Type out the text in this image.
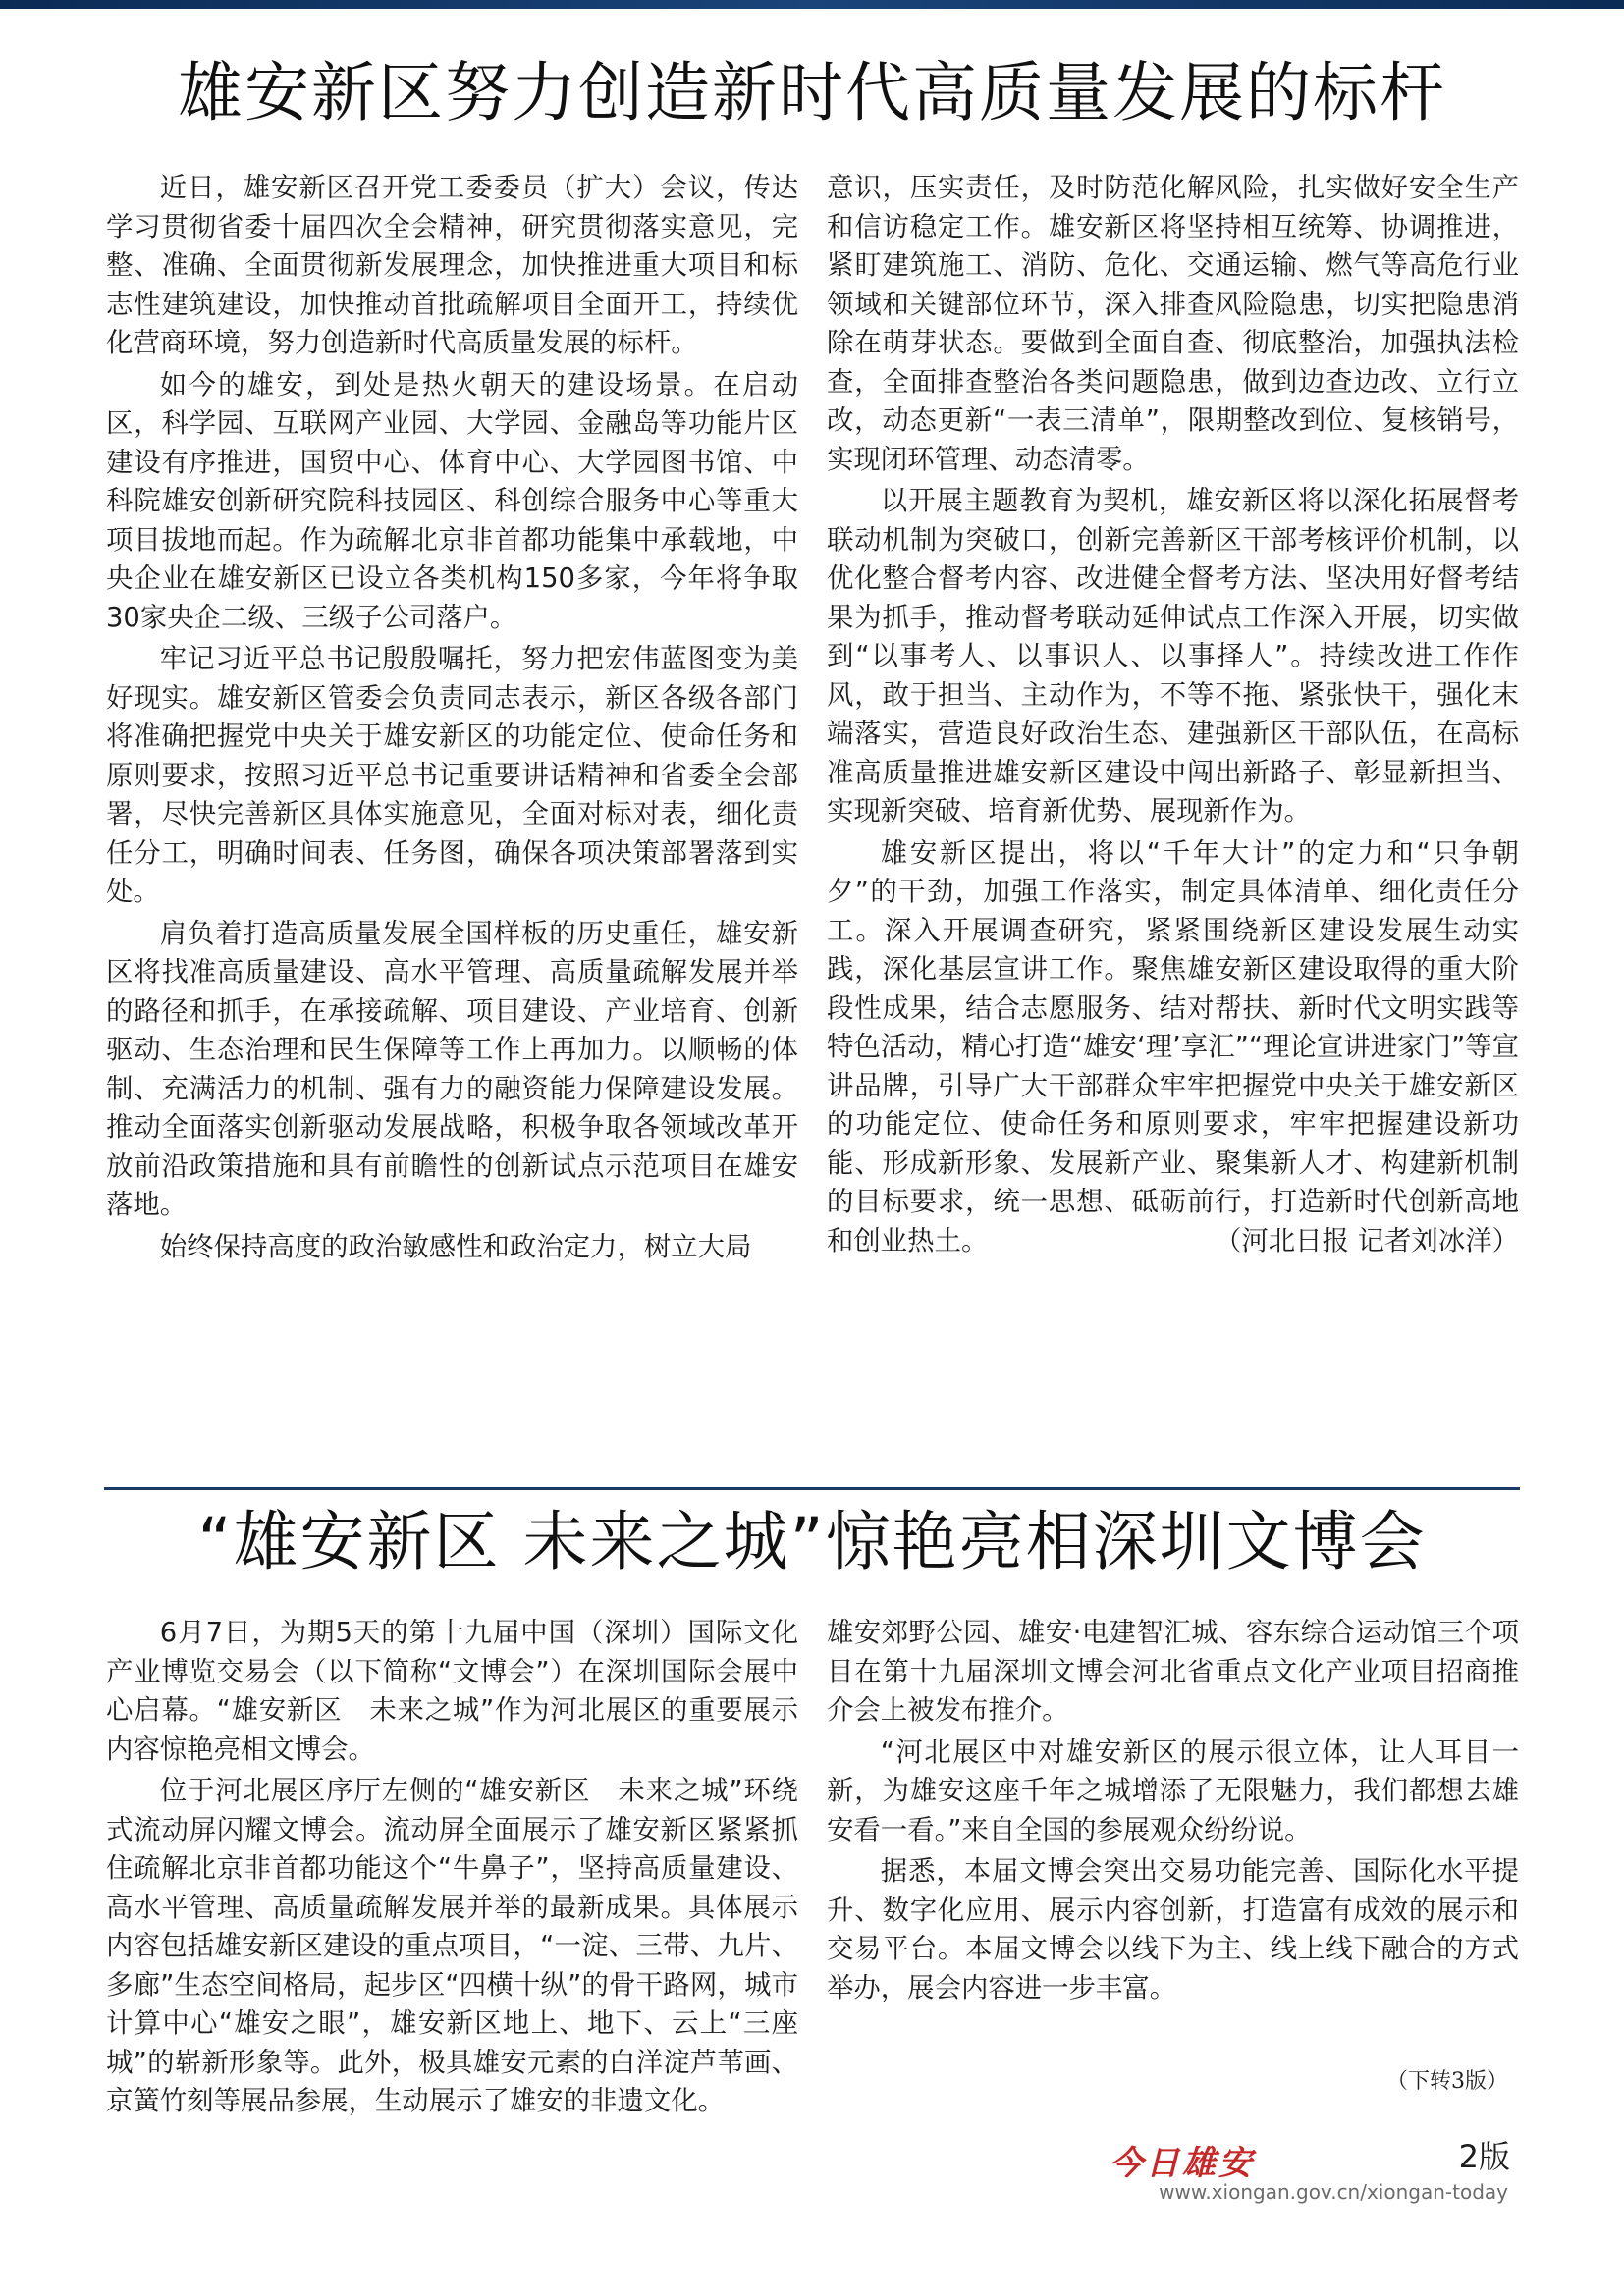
雄安新区努力创造新时代高质量发展的标杆

近日，雄安新区召开党工委委员（扩大）会议，传达学习贯彻省委十届四次全会精神，研究贯彻落实意见，完整、准确、全面贯彻新发展理念，加快推进重大项目和标志性建筑建设，加快推动首批疏解项目全面开工，持续优化营商环境，努力创造新时代高质量发展的标杆。

如今的雄安，到处是热火朝天的建设场景。在启动区，科学园、互联网产业园、大学园、金融岛等功能片区建设有序推进，国贸中心、体育中心、大学园图书馆、中科院雄安创新研究院科技园区、科创综合服务中心等重大项目拔地而起。作为疏解北京非首都功能集中承载地，中央企业在雄安新区已设立各类机构150多家，今年将争取30家央企二级、三级子公司落户。

牢记习近平总书记殷殷嘱托，努力把宏伟蓝图变为美好现实。雄安新区管委会负责同志表示，新区各级各部门将准确把握党中央关于雄安新区的功能定位、使命任务和原则要求，按照习近平总书记重要讲话精神和省委全会部署，尽快完善新区具体实施意见，全面对标对表，细化责任分工，明确时间表、任务图，确保各项决策部署落到实处。

肩负着打造高质量发展全国样板的历史重任，雄安新区将找准高质量建设、高水平管理、高质量疏解发展并举的路径和抓手，在承接疏解、项目建设、产业培育、创新驱动、生态治理和民生保障等工作上再加力。以顺畅的体制、充满活力的机制、强有力的融资能力保障建设发展。推动全面落实创新驱动发展战略，积极争取各领域改革开放前沿政策措施和具有前瞻性的创新试点示范项目在雄安落地。

始终保持高度的政治敏感性和政治定力，树立大局

意识，压实责任，及时防范化解风险，扎实做好安全生产和信访稳定工作。雄安新区将坚持相互统筹、协调推进，紧盯建筑施工、消防、危化、交通运输、燃气等高危行业领域和关键部位环节，深入排查风险隐患，切实把隐患消除在萌芽状态。要做到全面自查、彻底整治，加强执法检查，全面排查整治各类问题隐患，做到边查边改、立行立改，动态更新“一表三清单”，限期整改到位、复核销号，实现闭环管理、动态清零。

以开展主题教育为契机，雄安新区将以深化拓展督考联动机制为突破口，创新完善新区干部考核评价机制，以优化整合督考内容、改进健全督考方法、坚决用好督考结果为抓手，推动督考联动延伸试点工作深入开展，切实做到“以事考人、以事识人、以事择人”。持续改进工作作风，敢于担当、主动作为，不等不拖、紧张快干，强化末端落实，营造良好政治生态、建强新区干部队伍，在高标准高质量推进雄安新区建设中闯出新路子、彰显新担当、实现新突破、培育新优势、展现新作为。

雄安新区提出，将以“千年大计”的定力和“只争朝夕”的干劲，加强工作落实，制定具体清单、细化责任分工。深入开展调查研究，紧紧围绕新区建设发展生动实践，深化基层宣讲工作。聚焦雄安新区建设取得的重大阶段性成果，结合志愿服务、结对帮扶、新时代文明实践等特色活动，精心打造“雄安‘理’享汇”“理论宣讲进家门”等宣讲品牌，引导广大干部群众牢牢把握党中央关于雄安新区的功能定位、使命任务和原则要求，牢牢把握建设新功能、形成新形象、发展新产业、聚集新人才、构建新机制的目标要求，统一思想、砥砺前行，打造新时代创新高地和创业热土。	（河北日报 记者刘冰洋）

“雄安新区 未来之城”惊艳亮相深圳文博会

6月7日，为期5天的第十九届中国（深圳）国际文化产业博览交易会（以下简称“文博会”）在深圳国际会展中心启幕。“雄安新区　未来之城”作为河北展区的重要展示内容惊艳亮相文博会。

位于河北展区序厅左侧的“雄安新区　未来之城”环绕式流动屏闪耀文博会。流动屏全面展示了雄安新区紧紧抓住疏解北京非首都功能这个“牛鼻子”，坚持高质量建设、高水平管理、高质量疏解发展并举的最新成果。具体展示内容包括雄安新区建设的重点项目，“一淀、三带、九片、多廊”生态空间格局，起步区“四横十纵”的骨干路网，城市计算中心“雄安之眼”，雄安新区地上、地下、云上“三座城”的崭新形象等。此外，极具雄安元素的白洋淀芦苇画、京簧竹刻等展品参展，生动展示了雄安的非遗文化。

雄安郊野公园、雄安·电建智汇城、容东综合运动馆三个项目在第十九届深圳文博会河北省重点文化产业项目招商推介会上被发布推介。

“河北展区中对雄安新区的展示很立体，让人耳目一新，为雄安这座千年之城增添了无限魅力，我们都想去雄安看一看。”来自全国的参展观众纷纷说。

据悉，本届文博会突出交易功能完善、国际化水平提升、数字化应用、展示内容创新，打造富有成效的展示和交易平台。本届文博会以线下为主、线上线下融合的方式举办，展会内容进一步丰富。

（下转3版）
今日雄安	2版
www.xiongan.gov.cn/xiongan-today
